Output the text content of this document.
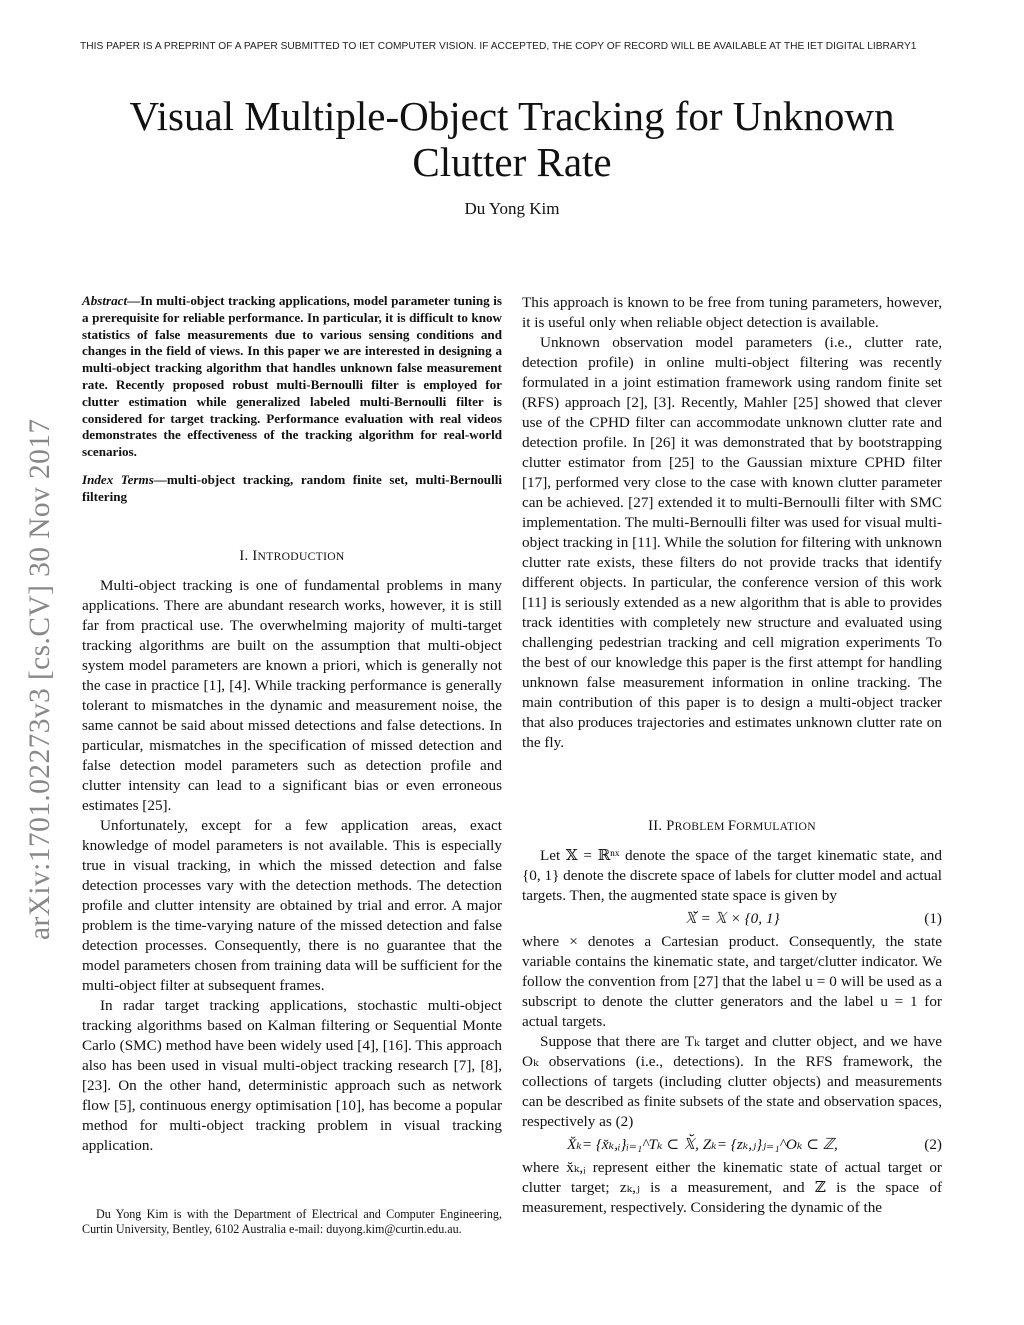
THIS PAPER IS A PREPRINT OF A PAPER SUBMITTED TO IET COMPUTER VISION. IF ACCEPTED, THE COPY OF RECORD WILL BE AVAILABLE AT THE IET DIGITAL LIBRARY1
Visual Multiple-Object Tracking for Unknown
Clutter Rate
Du Yong Kim
arXiv:1701.02273v3 [cs.CV] 30 Nov 2017

Abstract—In multi-object tracking applications, model parameter tuning is a prerequisite for reliable performance. In particular, it is difficult to know statistics of false measurements due to various sensing conditions and changes in the field of views. In this paper we are interested in designing a multi-object tracking algorithm that handles unknown false measurement rate. Recently proposed robust multi-Bernoulli filter is employed for clutter estimation while generalized labeled multi-Bernoulli filter is considered for target tracking. Performance evaluation with real videos demonstrates the effectiveness of the tracking algorithm for real-world scenarios.

Index Terms—multi-object tracking, random finite set, multi-Bernoulli filtering

I. INTRODUCTION

Multi-object tracking is one of fundamental problems in many applications. There are abundant research works, however, it is still far from practical use. The overwhelming majority of multi-target tracking algorithms are built on the assumption that multi-object system model parameters are known a priori, which is generally not the case in practice [1], [4]. While tracking performance is generally tolerant to mismatches in the dynamic and measurement noise, the same cannot be said about missed detections and false detections. In particular, mismatches in the specification of missed detection and false detection model parameters such as detection profile and clutter intensity can lead to a significant bias or even erroneous estimates [25].

Unfortunately, except for a few application areas, exact knowledge of model parameters is not available. This is especially true in visual tracking, in which the missed detection and false detection processes vary with the detection methods. The detection profile and clutter intensity are obtained by trial and error. A major problem is the time-varying nature of the missed detection and false detection processes. Consequently, there is no guarantee that the model parameters chosen from training data will be sufficient for the multi-object filter at subsequent frames.

In radar target tracking applications, stochastic multi-object tracking algorithms based on Kalman filtering or Sequential Monte Carlo (SMC) method have been widely used [4], [16]. This approach also has been used in visual multi-object tracking research [7], [8], [23]. On the other hand, deterministic approach such as network flow [5], continuous energy optimisation [10], has become a popular method for multi-object tracking problem in visual tracking application.

Du Yong Kim is with the Department of Electrical and Computer Engineering, Curtin University, Bentley, 6102 Australia e-mail: duyong.kim@curtin.edu.au.

This approach is known to be free from tuning parameters, however, it is useful only when reliable object detection is available.

Unknown observation model parameters (i.e., clutter rate, detection profile) in online multi-object filtering was recently formulated in a joint estimation framework using random finite set (RFS) approach [2], [3]. Recently, Mahler [25] showed that clever use of the CPHD filter can accommodate unknown clutter rate and detection profile. In [26] it was demonstrated that by bootstrapping clutter estimator from [25] to the Gaussian mixture CPHD filter [17], performed very close to the case with known clutter parameter can be achieved. [27] extended it to multi-Bernoulli filter with SMC implementation. The multi-Bernoulli filter was used for visual multi-object tracking in [11]. While the solution for filtering with unknown clutter rate exists, these filters do not provide tracks that identify different objects. In particular, the conference version of this work [11] is seriously extended as a new algorithm that is able to provides track identities with completely new structure and evaluated using challenging pedestrian tracking and cell migration experiments To the best of our knowledge this paper is the first attempt for handling unknown false measurement information in online tracking. The main contribution of this paper is to design a multi-object tracker that also produces trajectories and estimates unknown clutter rate on the fly.

II. PROBLEM FORMULATION

Let 𝕏 = ℝⁿˣ denote the space of the target kinematic state, and {0, 1} denote the discrete space of labels for clutter model and actual targets. Then, the augmented state space is given by

𝕏̆ = 𝕏 × {0, 1}	(1)

where × denotes a Cartesian product. Consequently, the state variable contains the kinematic state, and target/clutter indicator. We follow the convention from [27] that the label u = 0 will be used as a subscript to denote the clutter generators and the label u = 1 for actual targets.

Suppose that there are Tₖ target and clutter object, and we have Oₖ observations (i.e., detections). In the RFS framework, the collections of targets (including clutter objects) and measurements can be described as finite subsets of the state and observation spaces, respectively as (2)

X̆ₖ= {x̆ₖ,ᵢ}ᵢ₌₁^Tₖ ⊂ 𝕏̆, Zₖ= {zₖ,ⱼ}ⱼ₌₁^Oₖ ⊂ ℤ,	(2)

where x̆ₖ,ᵢ represent either the kinematic state of actual target or clutter target; zₖ,ⱼ is a measurement, and ℤ is the space of measurement, respectively. Considering the dynamic of the
